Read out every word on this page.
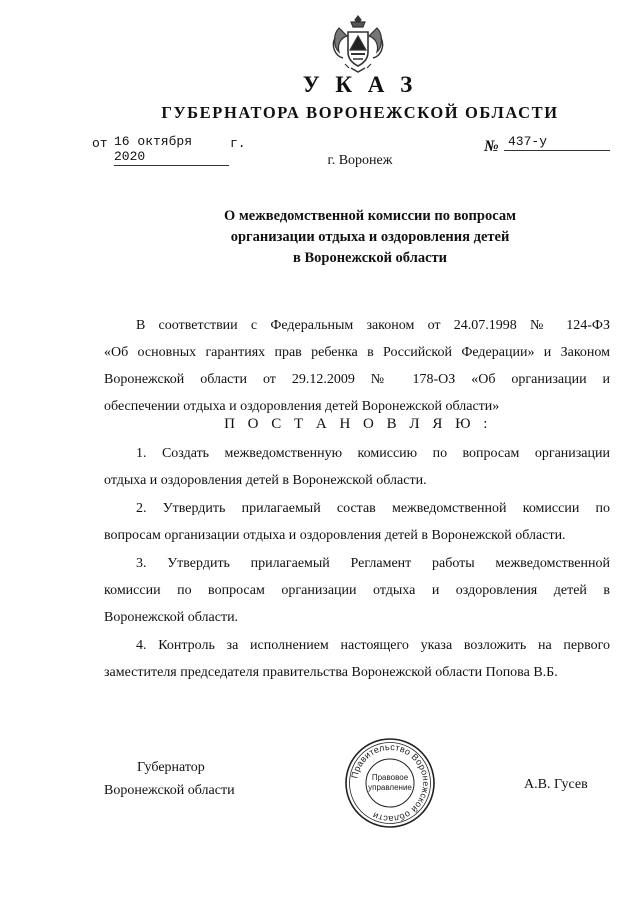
У К А З
ГУБЕРНАТОРА ВОРОНЕЖСКОЙ ОБЛАСТИ
от 16 октября 2020
г.	№ 437-у
г. Воронеж
О межведомственной комиссии по вопросам
организации отдыха и оздоровления детей
в Воронежской области
В соответствии с Федеральным законом от 24.07.1998 № 124-ФЗ
«Об основных гарантиях прав ребенка в Российской Федерации» и Законом
Воронежской области от 29.12.2009 № 178-ОЗ «Об организации и
обеспечении отдыха и оздоровления детей Воронежской области»
П О С Т А Н О В Л Я Ю :
1. Создать межведомственную комиссию по вопросам организации
отдыха и оздоровления детей в Воронежской области.
2. Утвердить прилагаемый состав межведомственной комиссии по
вопросам организации отдыха и оздоровления детей в Воронежской области.
3. Утвердить прилагаемый Регламент работы межведомственной
комиссии по вопросам организации отдыха и оздоровления детей в
Воронежской области.
4. Контроль за исполнением настоящего указа возложить на первого
заместителя председателя правительства Воронежской области Попова В.Б.
Губернатор
Воронежской области
Правительство Воронежской области
Правовое
управление	А.В. Гусев
